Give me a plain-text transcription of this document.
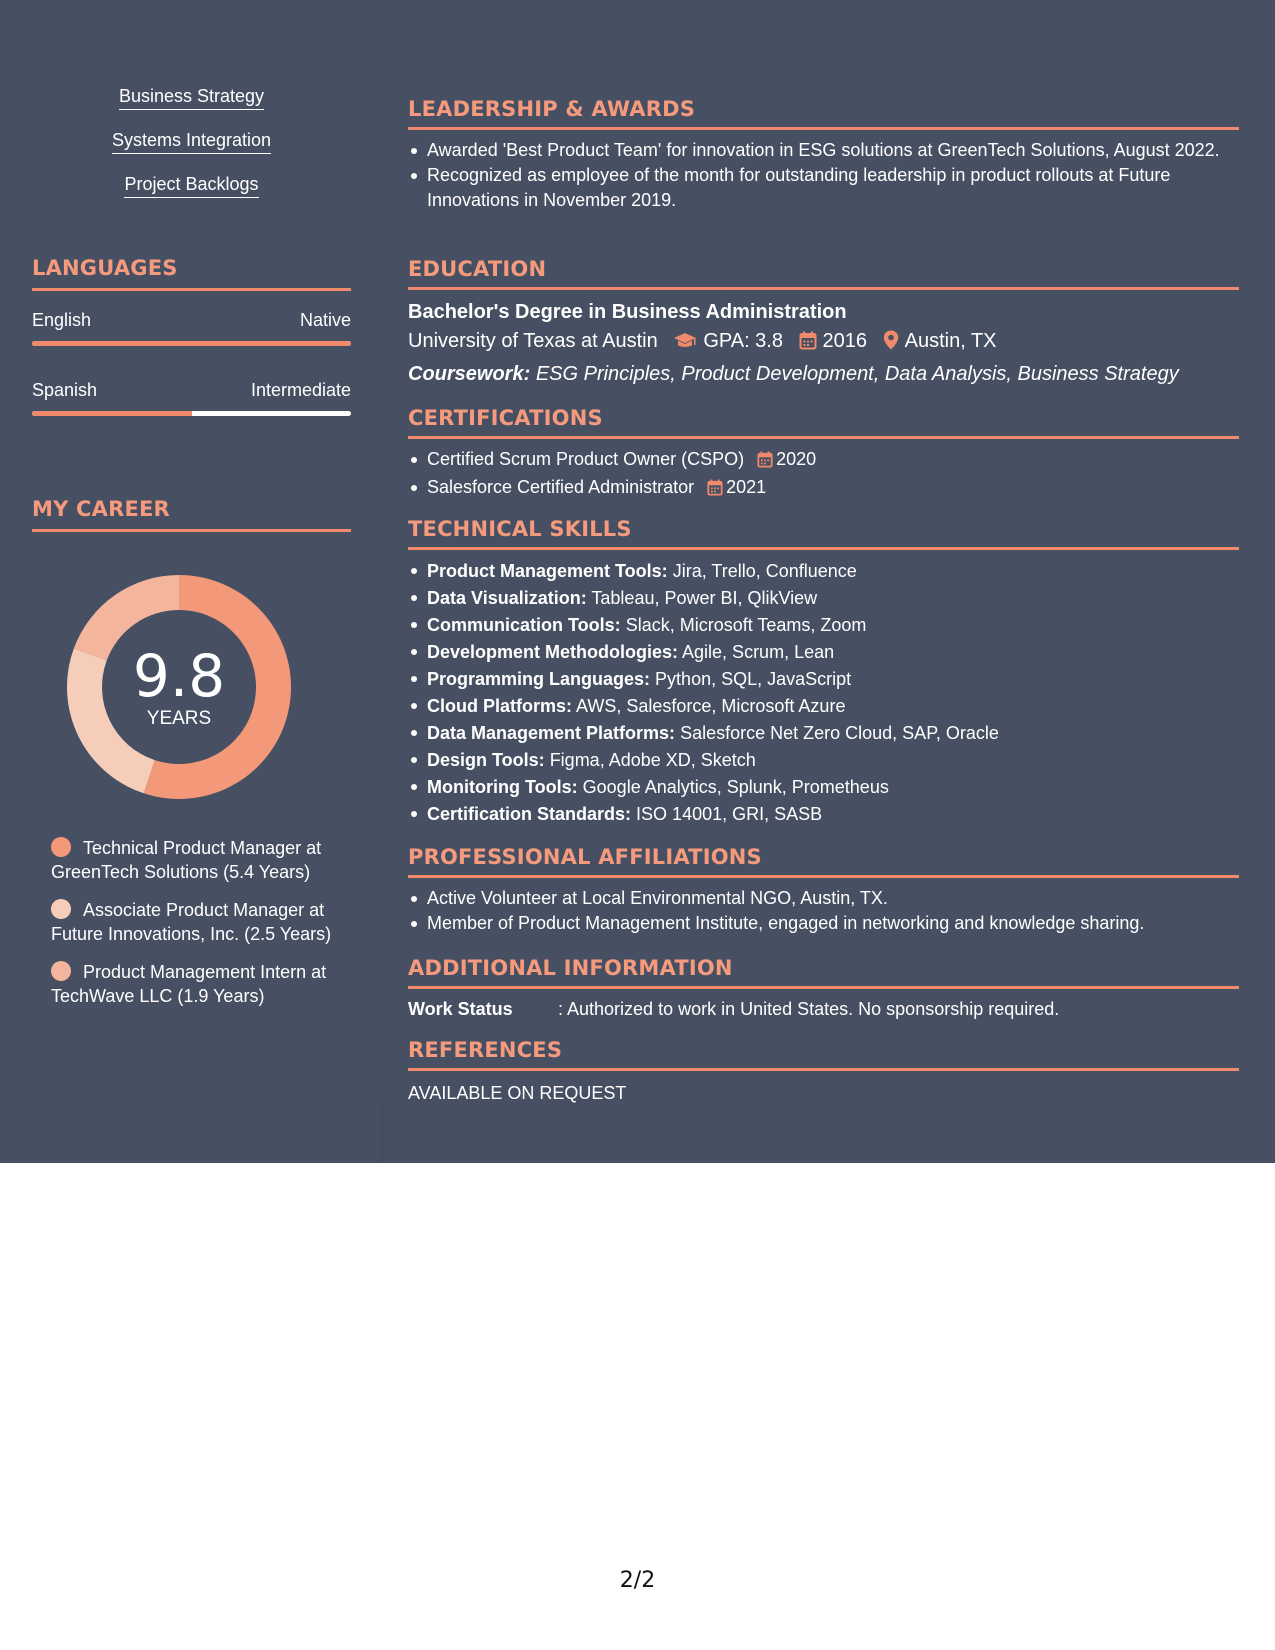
Business Strategy
Systems Integration
Project Backlogs
LANGUAGES
English	Native
Spanish	Intermediate
MY CAREER
9.8
YEARS
Technical Product Manager at GreenTech Solutions (5.4 Years)
Associate Product Manager at Future Innovations, Inc. (2.5 Years)
Product Management Intern at TechWave LLC (1.9 Years)
LEADERSHIP & AWARDS
Awarded 'Best Product Team' for innovation in ESG solutions at GreenTech Solutions, August 2022.
Recognized as employee of the month for outstanding leadership in product rollouts at Future Innovations in November 2019.
EDUCATION
Bachelor's Degree in Business Administration
University of Texas at Austin GPA: 3.8 2016 Austin, TX
Coursework: ESG Principles, Product Development, Data Analysis, Business Strategy
CERTIFICATIONS
Certified Scrum Product Owner (CSPO) 2020
Salesforce Certified Administrator 2021
TECHNICAL SKILLS
Product Management Tools: Jira, Trello, Confluence
Data Visualization: Tableau, Power BI, QlikView
Communication Tools: Slack, Microsoft Teams, Zoom
Development Methodologies: Agile, Scrum, Lean
Programming Languages: Python, SQL, JavaScript
Cloud Platforms: AWS, Salesforce, Microsoft Azure
Data Management Platforms: Salesforce Net Zero Cloud, SAP, Oracle
Design Tools: Figma, Adobe XD, Sketch
Monitoring Tools: Google Analytics, Splunk, Prometheus
Certification Standards: ISO 14001, GRI, SASB
PROFESSIONAL AFFILIATIONS
Active Volunteer at Local Environmental NGO, Austin, TX.
Member of Product Management Institute, engaged in networking and knowledge sharing.
ADDITIONAL INFORMATION
Work Status	: Authorized to work in United States. No sponsorship required.
REFERENCES
AVAILABLE ON REQUEST
2/2
